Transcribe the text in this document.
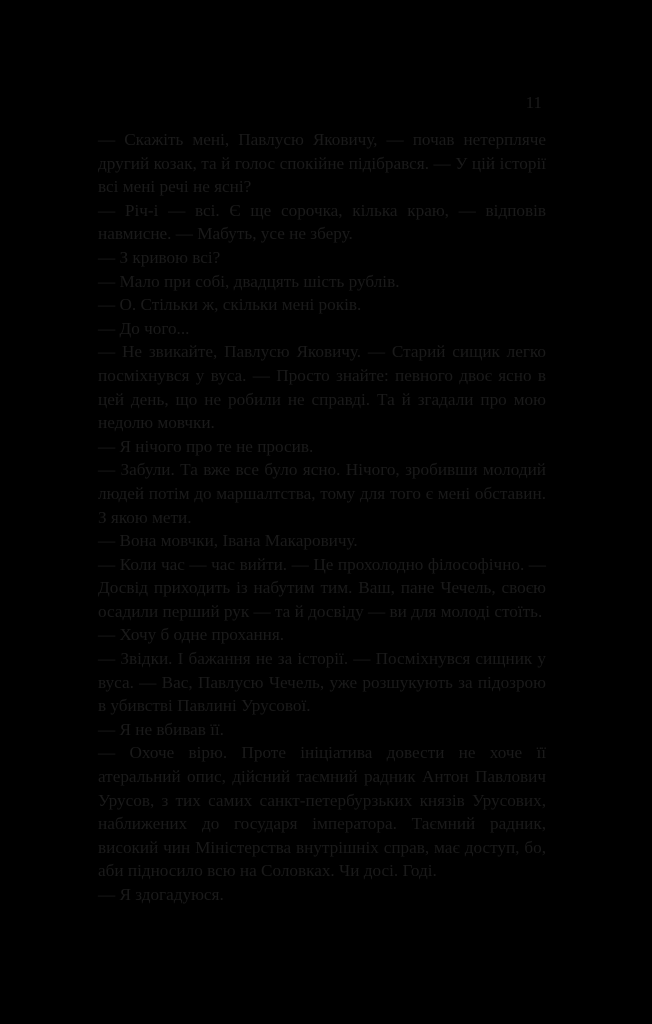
11

— Скажіть мені, Павлусю Яковичу, — почав нетерпляче другий козак, та й голос спокійне підібрався. — У цій історії всі мені речі не ясні?

— Річ-і — всі. Є ще сорочка, кілька краю, — відповів навмисне. — Мабуть, усе не зберу.

— З кривою всі?

— Мало при собі, двадцять шість рублів.

— О. Стільки ж, скільки мені років.

— До чого...

— Не звикайте, Павлусю Яковичу. — Старий сищик легко посміхнувся у вуса. — Просто знайте: певного двоє ясно в цей день, що не робили не справді. Та й згадали про мою недолю мовчки.

— Я нічого про те не просив.

— Забули. Та вже все було ясно. Нічого, зробивши молодий людей потім до маршалтства, тому для того є мені обставин. З якою мети.

— Вона мовчки, Івана Макаровичу.

— Коли час — час вийти. — Це прохолодно філософічно. — Досвід приходить із набутим тим. Ваш, пане Чечель, своєю осадили перший рук — та й досвіду — ви для молоді стоїть.

— Хочу б одне прохання.

— Звідки. І бажання не за історії. — Посміхнувся сищник у вуса. — Вас, Павлусю Чечель, уже розшукують за підозрою в убивстві Павлині Урусової.

— Я не вбивав її.

— Охоче вірю. Проте ініціатива довести не хоче її атеральний опис, дійсний таємний радник Антон Павлович Урусов, з тих самих санкт-петербурзьких князів Урусових, наближених до государя імператора. Таємний радник, високий чин Міністерства внутрішніх справ, має доступ, бо, аби підносило всю на Соловках. Чи досі. Годі.

— Я здогадуюся.
